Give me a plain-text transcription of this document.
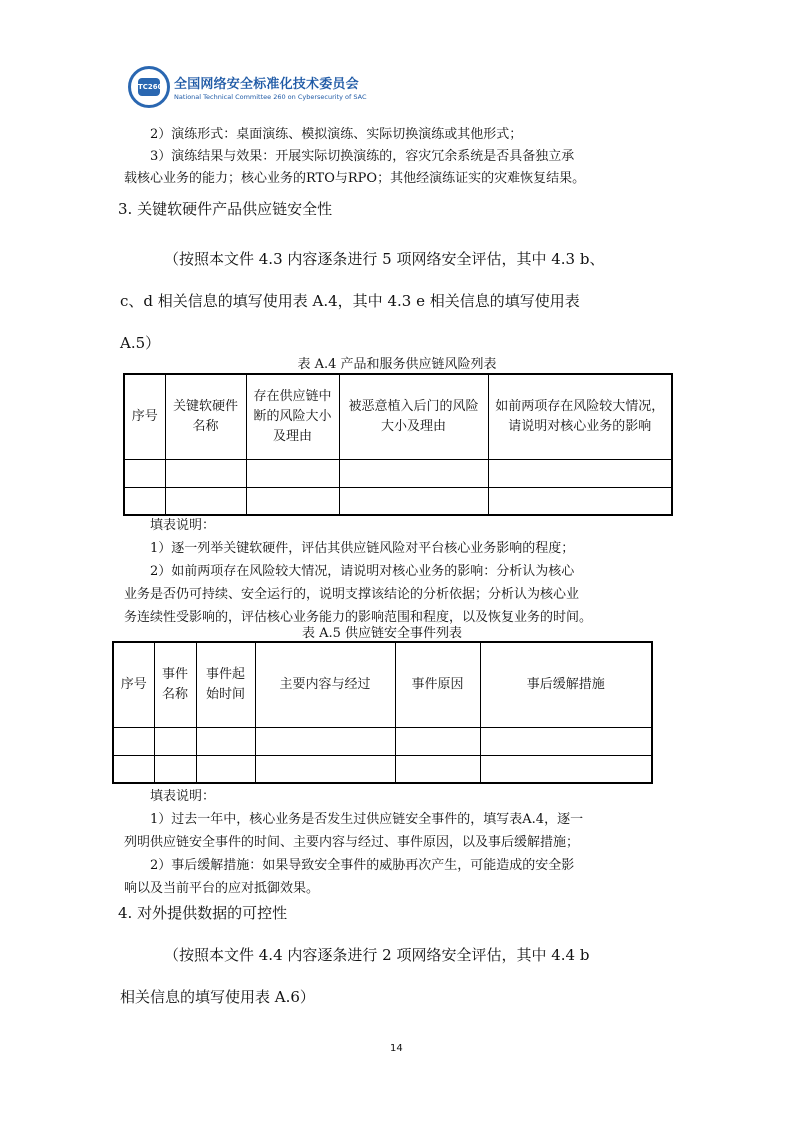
TC260 全国网络安全标准化技术委员会
National Technical Committee 260 on Cybersecurity of SAC
2）演练形式：桌面演练、模拟演练、实际切换演练或其他形式；
3）演练结果与效果：开展实际切换演练的，容灾冗余系统是否具备独立承
载核心业务的能力；核心业务的RTO与RPO；其他经演练证实的灾难恢复结果。
3. 关键软硬件产品供应链安全性
（按照本文件 4.3 内容逐条进行 5 项网络安全评估，其中 4.3 b、
c、d 相关信息的填写使用表 A.4，其中 4.3 e 相关信息的填写使用表
A.5）
表 A.4 产品和服务供应链风险列表
序号	关键软硬件名称	存在供应链中断的风险大小及理由	被恶意植入后门的风险大小及理由	如前两项存在风险较大情况，请说明对核心业务的影响

填表说明：
1）逐一列举关键软硬件，评估其供应链风险对平台核心业务影响的程度；
2）如前两项存在风险较大情况，请说明对核心业务的影响：分析认为核心
业务是否仍可持续、安全运行的，说明支撑该结论的分析依据；分析认为核心业
务连续性受影响的，评估核心业务能力的影响范围和程度，以及恢复业务的时间。
表 A.5 供应链安全事件列表
序号	事件名称	事件起始时间	主要内容与经过	事件原因	事后缓解措施

填表说明：
1）过去一年中，核心业务是否发生过供应链安全事件的，填写表A.4，逐一
列明供应链安全事件的时间、主要内容与经过、事件原因，以及事后缓解措施；
2）事后缓解措施：如果导致安全事件的威胁再次产生，可能造成的安全影
响以及当前平台的应对抵御效果。
4. 对外提供数据的可控性
（按照本文件 4.4 内容逐条进行 2 项网络安全评估，其中 4.4 b
相关信息的填写使用表 A.6）
14
